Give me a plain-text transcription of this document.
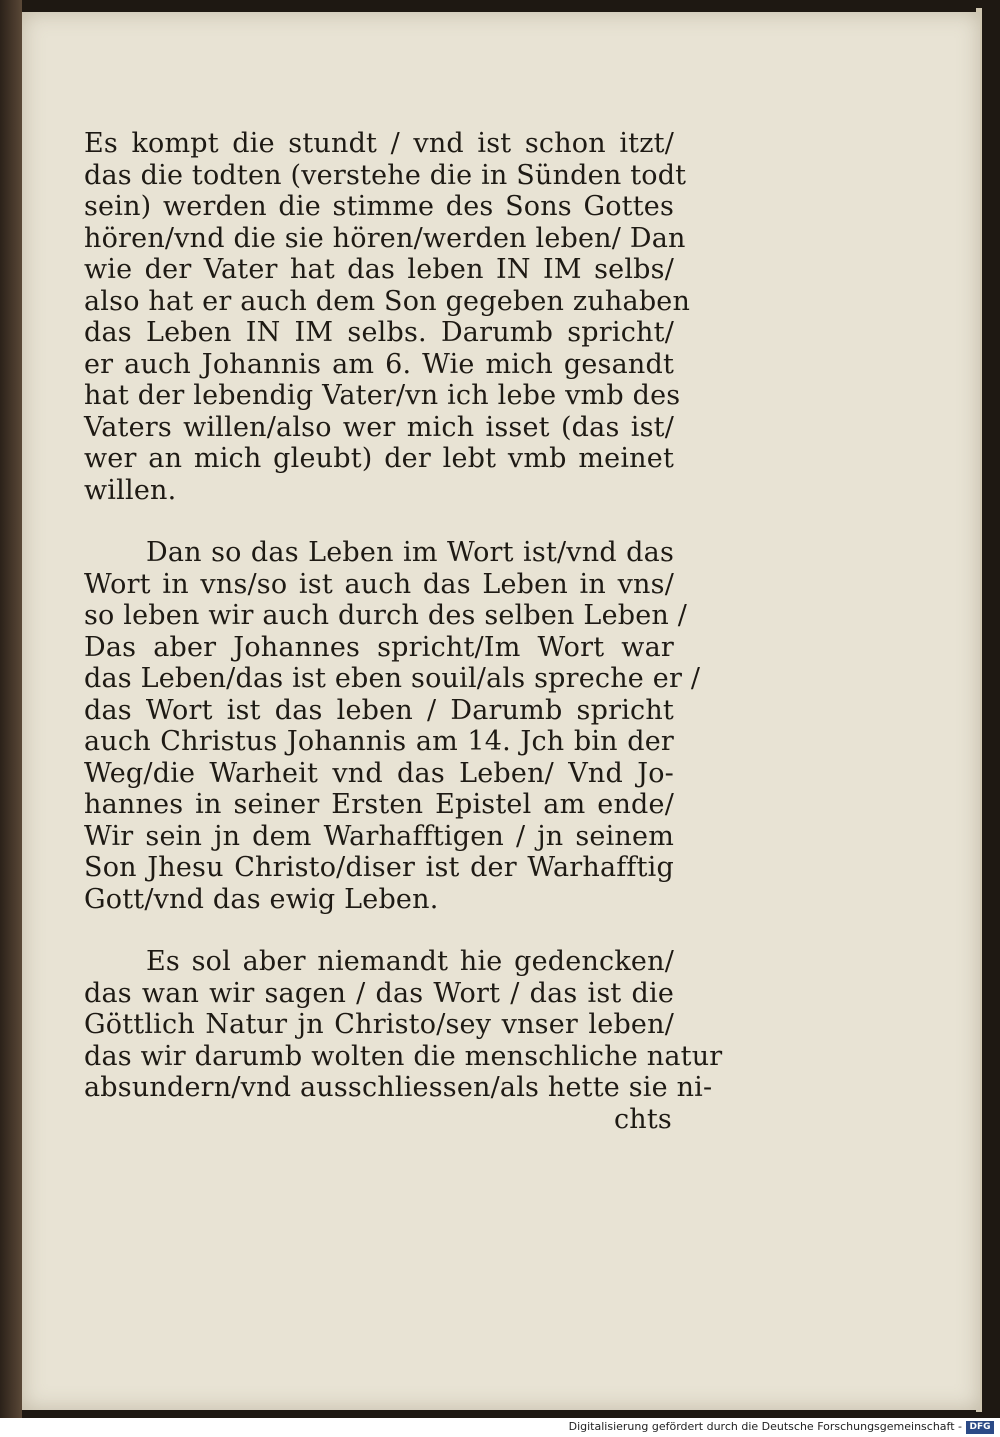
Es kompt die stundt / vnd ist schon itzt/
das die todten (verstehe die in Sünden todt
sein) werden die stimme des Sons Gottes
hören/vnd die sie hören/werden leben/ Dan
wie der Vater hat das leben IN IM selbs/
also hat er auch dem Son gegeben zuhaben
das Leben IN IM selbs. Darumb spricht/
er auch Johannis am 6. Wie mich gesandt
hat der lebendig Vater/vn ich lebe vmb des
Vaters willen/also wer mich isset (das ist/
wer an mich gleubt) der lebt vmb meinet
willen.
Dan so das Leben im Wort ist/vnd das
Wort in vns/so ist auch das Leben in vns/
so leben wir auch durch des selben Leben /
Das aber Johannes spricht/Im Wort war
das Leben/das ist eben souil/als spreche er /
das Wort ist das leben / Darumb spricht
auch Christus Johannis am 14. Jch bin der
Weg/die Warheit vnd das Leben/ Vnd Jo-
hannes in seiner Ersten Epistel am ende/
Wir sein jn dem Warhafftigen / jn seinem
Son Jhesu Christo/diser ist der Warhafftig
Gott/vnd das ewig Leben.
Es sol aber niemandt hie gedencken/
das wan wir sagen / das Wort / das ist die
Göttlich Natur jn Christo/sey vnser leben/
das wir darumb wolten die menschliche natur
absundern/vnd ausschliessen/als hette sie ni-
chts
Digitalisierung gefördert durch die Deutsche Forschungsgemeinschaft - DFG
